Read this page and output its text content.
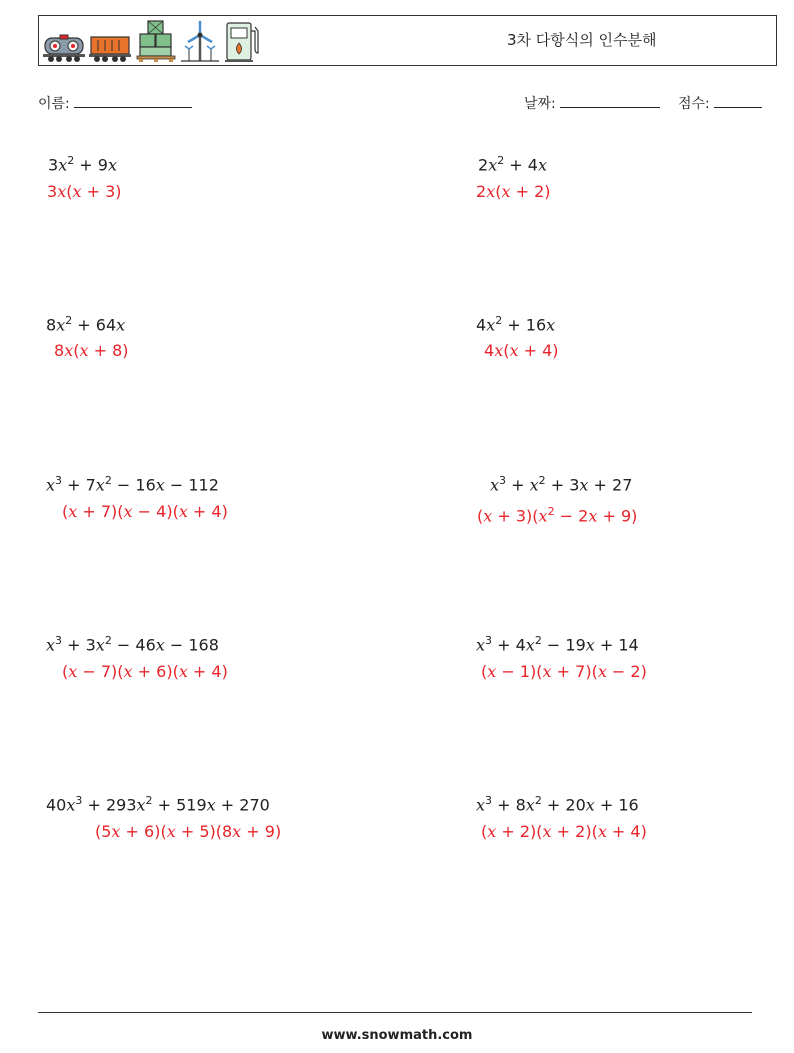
3차 다항식의 인수분해
이름:	날짜:	점수:
$3x^2 + 9x$
3x(x + 3)
$2x^2 + 4x$
2x(x + 2)
$8x^2 + 64x$
8x(x + 8)
$4x^2 + 16x$
4x(x + 4)
$x^3 + 7x^2 - 16x - 112$
(x + 7)(x − 4)(x + 4)
$x^3 + x^2 + 3x + 27$
$(x + 3)(x^2 - 2x + 9)$
$x^3 + 3x^2 - 46x - 168$
(x − 7)(x + 6)(x + 4)
$x^3 + 4x^2 - 19x + 14$
(x − 1)(x + 7)(x − 2)
$40x^3 + 293x^2 + 519x + 270$
(5x + 6)(x + 5)(8x + 9)
$x^3 + 8x^2 + 20x + 16$
(x + 2)(x + 2)(x + 4)
www.snowmath.com
